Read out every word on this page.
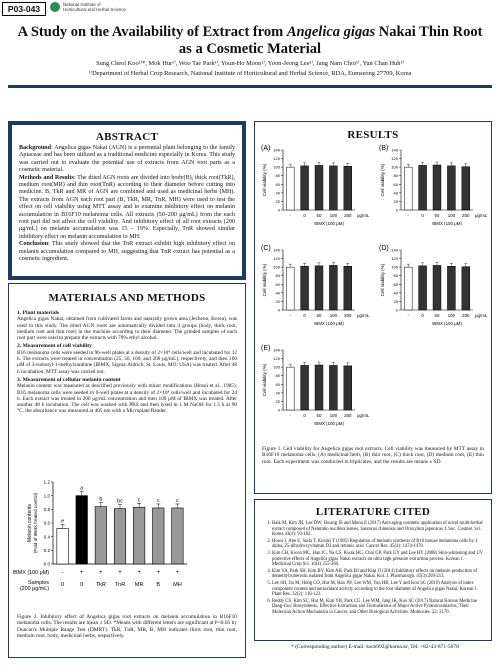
P03-043	National Institute of
Horticultural and Herbal Science
A Study on the Availability of Extract from Angelica gigas Nakai Thin Root
as a Cosmetic Material
Sung Cheol Koo¹⁾*, Mok Hur¹⁾, Woo Tae Park¹⁾, Youn-Ho Moon¹⁾, Yoon-Jeong Lee¹⁾, Jang Nam Choi¹⁾, Yun Chan Huh¹⁾
¹⁾Department of Herbal Crop Research, National Institute of Horticultural and Herbal Science, RDA, Eumseong 27709, Korea
ABSTRACT

Background: Angelica gigas Nakai (AGN) is a perennial plant belonging to the family Apiaceae and has been utilized as a traditional medicine especially in Korea. This study was carried out to evaluate the potential use of extracts from AGN root parts as a cosmetic material.

Methods and Results: The dried AGN roots are divided into body(B), thick root(TkR), medium root(MR) and thin root(TnR) according to their diameter before cutting into medicine. B, TkR and MR of AGN are combined and used as medicinal herbs (MH). The extracts from AGN each root part (B, TkR, MR, TnR, MH) were used to test the effect on cell viability using MTT assay and to examine inhibitory effect on melanin accumulation in B16F10 melanoma cells. All extracts (50–200 μg/mL) from the each root part did not affect the cell viability. And inhibitory effect of all root extracts (200 μg/mL) on melanin accumulation was 15 – 19%. Especially, TnR showed similar inhibitory effect on melanin accumulation to MH.

Conclusion: This study showed that the TnR extract exhibit high inhibitory effect on melanin accumulation compared to MH, suggesting that TnR extract has potential as a cosmetic ingredient.

MATERIALS AND METHODS
1. Plant materials

Angelica gigas Nakai, obtained from cultivated farms and naturally grown area (Jecheon, Korea), was used in this study. The dried AGN roots are automatically divided into 4 groups (body, thick root, medium root and thin root) in the machine according to their diameter. The grinded samples of each root part were used to prepare the extracts with 70% ethyl alcohol.

2. Measurement of cell viability

B16 melanoma cells were seeded in 96-well plates at a density of 2×10⁴ cells/well and incubated for 12 h. The extracts were treated in concentration (25, 50, 100, and 200 μg/mL), respectively, and then 100 μM of 3-isobutyl-1-methylxanthine (IBMX, Sigma-Aldrich, St. Louis, MO, USA) was treated. After 48 h incubation, MTT assay was carried out.

3. Measurement of cellular melanin content

Melanin content was measured as described previously with minor modifications (Hosoi et al., 1985). B16 melanoma cells were seeded in 6-well plates at a density of 2×10⁴ cells/well and incubated for 24 h. Each extract was treated in 200 μg/mL concentration and then 100 μM of IBMX was treated. After another 48 h incubation. The cell was washed with PBS and then lysed in 1 M NaOH for 1.5 h at 90 °C. the absorbance was measured at 405 nm with a Microplate Reader.

Melanin contents (Fold of IBMX treated control)
0.0
0.2
0.4
0.6
0.8
1.0
1.2
e
-
0
a
+
0
b
+
TkR
bc
+
TnR
c
+
MR
c
+
B
c
+
MH
IBMX (100 μM)
Samples
(200 μg/mL)
Figure 2. Inhibitory effect of Angelica gigas root extracts on melanin accumulation in B16F10 melanoma cells. The results are mean ± SD. *Means with different letters are significant at P<0.05 by Duncan's Multiple Range Test (DMRT). TkR, TnR, MR, B, MH indicates thick root, thin root, medium root, body, medicinal herbs, respectively.
RESULTS
(A)
Cell viability (%)
0
20
40
60
80
100
120
140
-	0 50 100 200 μg/mL
IBMX (100 μM)
(B)
Cell viability (%)
0
20
40
60
80
100
120
140
-	0 50 100 200 μg/mL
IBMX (100 μM)
(C)
Cell viability (%)
0
20
40
60
80
100
120
140
-	0 50 100 200 μg/mL
IBMX (100 μM)
(D)
Cell viability (%)
0
20
40
60
80
100
120
140
-	0 50 100 200 μg/mL
IBMX (100 μM)
(E)
Cell viability (%)
0
20
40
60
80
100
120
140
-	0 50 100 200 μg/mL
IBMX (100 μM)
Figure 1. Cell viability for Angelica gigas root extracts. Cell viability was measured by MTT assay in B16F10 melanoma cells. (A) medicinal herb, (B) thin root, (C) thick root, (D) medium root, (E) thin root. Each experiment was conducted in triplicates, and the results are means ± SD.
LITERATURE CITED
1. Baik M, Kim JH, Lee DW, Hwang JS and Moon E (2017) Anti-aging cosmetic application of novel multi-herbal extract composed of Nelumbo nucifera leaves, Saururus chinensis and Oroxylum japonicas J. Soc. Cosmet. Sci. Korea 43(2): 93-102.
2. Hosoi J, Abe E, Suda T, Kuroki T (1985) Regulation of melanin synthesis of B16 mouse melanoma cells by 1 alpha, 25-dihydroxyvitamin D3 and retinoic acid. Cancer Res. 45(4): 1474-1478.
3. Kim CH, Kwon MC, Han JC, Na CS, Kwak HG, Choi GP, Park UY and Lee HY (2008) Skin-whitening and UV protective effects of Angelica gigas Nakai extracts on ultra high pressure extraction process. Korean J. Medicinal Crop Sci. 16(4) 255-260.
4. Kim YA, Park SH, Kim BY, Kim AH, Park BJ and Kim JJ (2014) Inhibitory effects on melanin production of demethylsuberosin isolated from Angelica gigas Nakai. Kor. J. Pharmacogn. 45(3):209-213.
5. Lee SH, Jin M, Hong CO, Hur M, Han JW, Lee WM, Yun HB, Lee Y and Koo SC (2019) Analysis of index component content and antioxidant activity according to the root diameter of Angelica gigas Nakai. Korean J. Plant Res. 32(2): 116-123.
6. Reddy CS, Kim SC, Hur M, Kim YB, Park CG, Lee WM, Jang JK, Koo SC (2017) Natural Korean Medicine Dang-Gui: Biosynthesis, Effective Extraction and Formulations of Major Active Pyranocoumarins, Their Molecular Action Mechanism in Cancer, and Other Biological Activities. Molecules. 22: 2170.
* (Corresponding author) E-mail: kscb992@korea.kr, Tel: +82-43-871-5678
